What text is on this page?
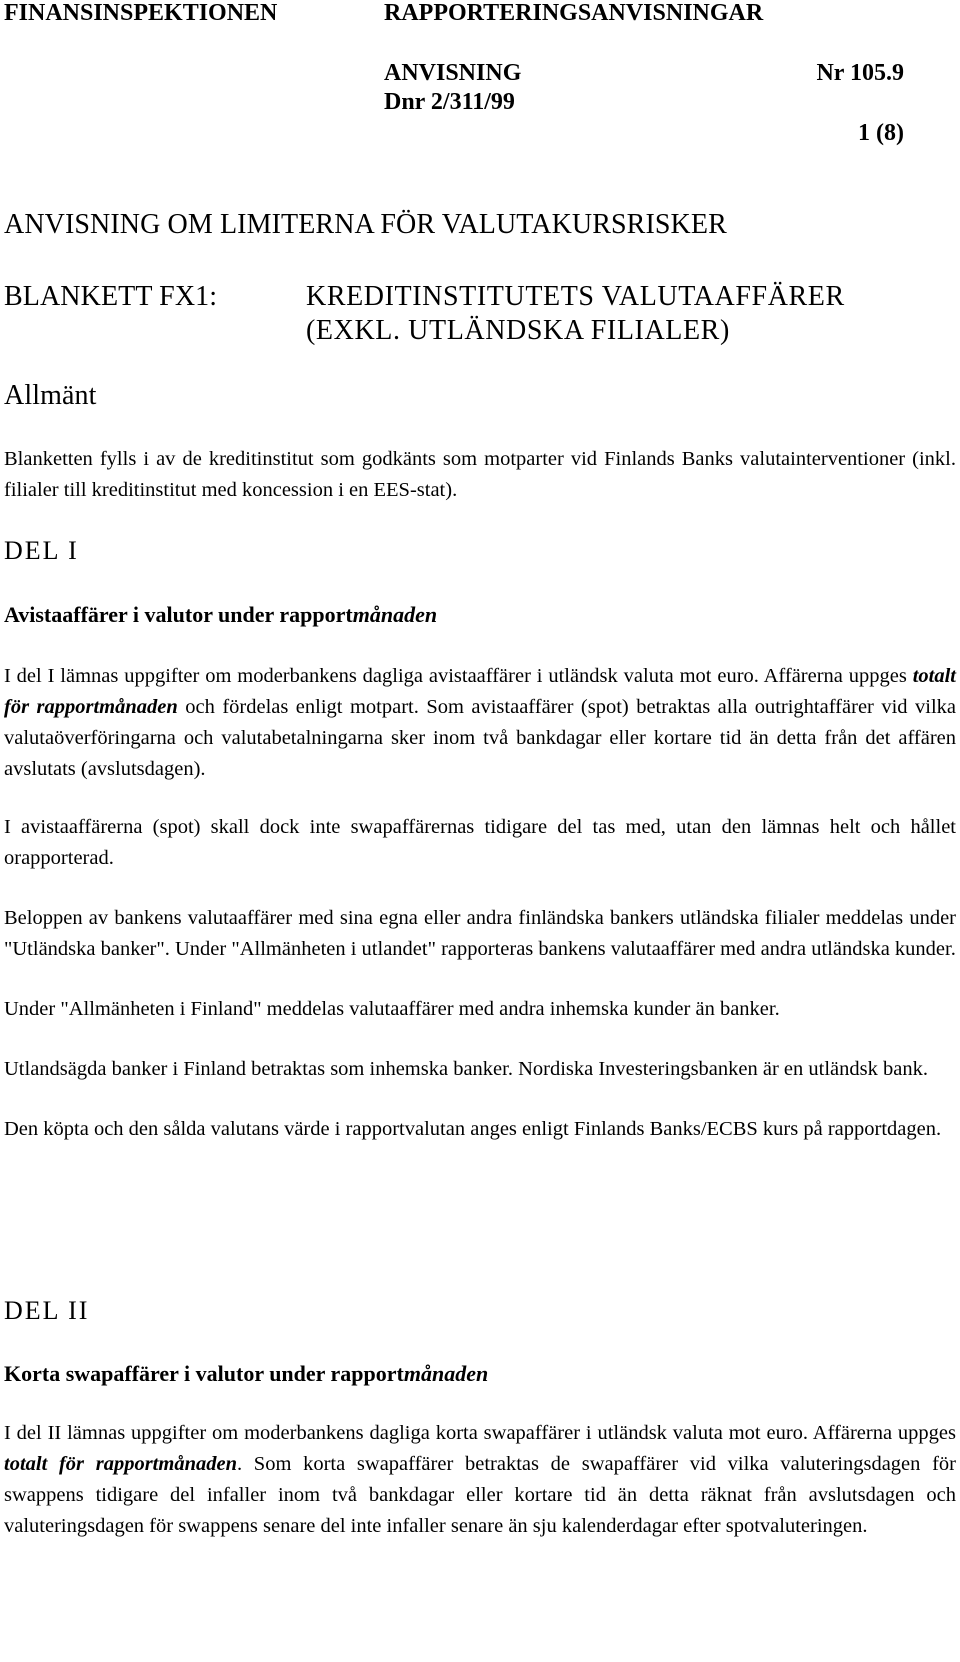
FINANSINSPEKTIONEN	RAPPORTERINGSANVISNINGAR
ANVISNING	Nr 105.9
Dnr 2/311/99
1 (8)
ANVISNING OM LIMITERNA FÖR VALUTAKURSRISKER
BLANKETT FX1:	KREDITINSTITUTETS VALUTAAFFÄRER
(EXKL. UTLÄNDSKA FILIALER)
Allmänt

Blanketten fylls i av de kreditinstitut som godkänts som motparter vid Finlands Banks valutainterventioner (inkl. filialer till kreditinstitut med koncession i en EES-stat).

DEL I
Avistaaffärer i valutor under rapportmånaden

I del I lämnas uppgifter om moderbankens dagliga avistaaffärer i utländsk valuta mot euro. Affärerna uppges totalt för rapportmånaden och fördelas enligt motpart. Som avistaaffärer (spot) betraktas alla outrightaffärer vid vilka valutaöverföringarna och valutabetalningarna sker inom två bankdagar eller kortare tid än detta från det affären avslutats (avslutsdagen).

I avistaaffärerna (spot) skall dock inte swapaffärernas tidigare del tas med, utan den lämnas helt och hållet orapporterad.

Beloppen av bankens valutaaffärer med sina egna eller andra finländska bankers utländska filialer meddelas under "Utländska banker". Under "Allmänheten i utlandet" rapporteras bankens valutaaffärer med andra utländska kunder.

Under "Allmänheten i Finland" meddelas valutaaffärer med andra inhemska kunder än banker.

Utlandsägda banker i Finland betraktas som inhemska banker. Nordiska Investeringsbanken är en utländsk bank.

Den köpta och den sålda valutans värde i rapportvalutan anges enligt Finlands Banks/ECBS kurs på rapportdagen.

DEL II
Korta swapaffärer i valutor under rapportmånaden

I del II lämnas uppgifter om moderbankens dagliga korta swapaffärer i utländsk valuta mot euro. Affärerna uppges totalt för rapportmånaden. Som korta swapaffärer betraktas de swapaffärer vid vilka valuteringsdagen för swappens tidigare del infaller inom två bankdagar eller kortare tid än detta räknat från avslutsdagen och valuteringsdagen för swappens senare del inte infaller senare än sju kalenderdagar efter spotvaluteringen.
